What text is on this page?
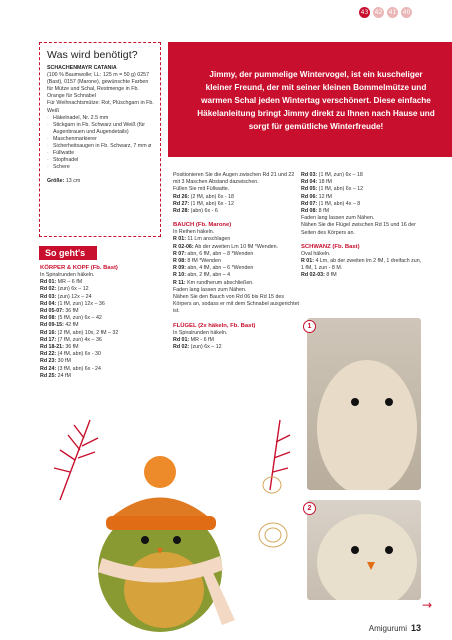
43 42 41 40
Was wird benötigt?
SCHACHENMAYR CATANIA
(100 % Baumwolle; LL: 125 m = 50 g) 0257 (Bast), 0157 (Marone), gewünschte Farben für Mütze und Schal, Restmenge in Fb. Orange für Schnabel
Für Weihnachtsmütze: Rot, Plüschgarn in Fb. Weiß
· Häkelnadel, Nr. 2.5 mm
· Stickgarn in Fb. Schwarz und Weiß (für Augenbrauen und Augendetails)
· Maschenmarkierer
· Sicherheitsaugen in Fb. Schwarz, 7 mm ø
· Füllwatte
· Stopfnadel
· Schere
Größe: 13 cm
Jimmy, der pummelige Wintervogel, ist ein kuscheliger kleiner Freund, der mit seiner kleinen Bommelmütze und warmen Schal jeden Wintertag verschönert. Diese einfache Häkelanleitung bringt Jimmy direkt zu Ihnen nach Hause und sorgt für gemütliche Winterfreude!
So geht's

KÖRPER & KOPF (Fb. Bast)

In Spiralrunden häkeln.

Rd 01: MR – 6 fM

Rd 02: (zun) 6x – 12

Rd 03: (zun) 12x – 24

Rd 04: (1 fM, zun) 12x – 36

Rd 05-07: 36 fM

Rd 08: (5 fM, zun) 6x – 42

Rd 09-15: 42 fM

Rd 16: (2 fM, abn) 10x, 2 fM – 32

Rd 17: (7 fM, zun) 4x – 36

Rd 18-21: 36 fM

Rd 22: (4 fM, abn) 6x - 30

Rd 23: 30 fM

Rd 24: (3 fM, abn) 6x - 24

Rd 25: 24 fM

Positionieren Sie die Augen zwischen Rd 21 und 22 mit 3 Maschen Abstand dazwischen.

Füllen Sie mit Füllwatte.

Rd 26: (2 fM, abn) 6x - 18

Rd 27: (1 fM, abn) 6x - 12

Rd 28: (abn) 6x - 6

BAUCH (Fb. Marone)

In Reihen häkeln.

R 01: 11 Lm anschlagen

R 02-06: Ab der zweiten Lm 10 fM *Wenden.

R 07: abn, 6 fM, abn – 8 *Wenden

R 08: 8 fM *Wenden

R 09: abn, 4 fM, abn – 6 *Wenden

R 10: abn, 2 fM, abn – 4

R 11: Km rundherum abschließen.

Faden lang lassen zum Nähen.

Nähen Sie den Bauch von Rd 06 bis Rd 15 des Körpers an, sodass er mit dem Schnabel ausgerichtet ist.

FLÜGEL (2x häkeln, Fb. Bast)

In Spiralrunden häkeln.

Rd 01: MR - 6 fM

Rd 02: (zun) 6x – 12

Rd 03: (1 fM, zun) 6x – 18

Rd 04: 18 fM

Rd 05: (1 fM, abn) 6x – 12

Rd 06: 12 fM

Rd 07: (1 fM, abn) 4x – 8

Rd 08: 8 fM

Faden lang lassen zum Nähen.

Nähen Sie die Flügel zwischen Rd 15 und 16 der Seiten des Körpers an.

SCHWANZ (Fb. Bast)

Oval häkeln.

R 01: 4 Lm, ab der zweiten lm 2 fM, 1 dreifach zun, 1 fM, 1 zun - 8 M.

Rd 02-03: 8 fM

1
2
→
Amigurumi 13
